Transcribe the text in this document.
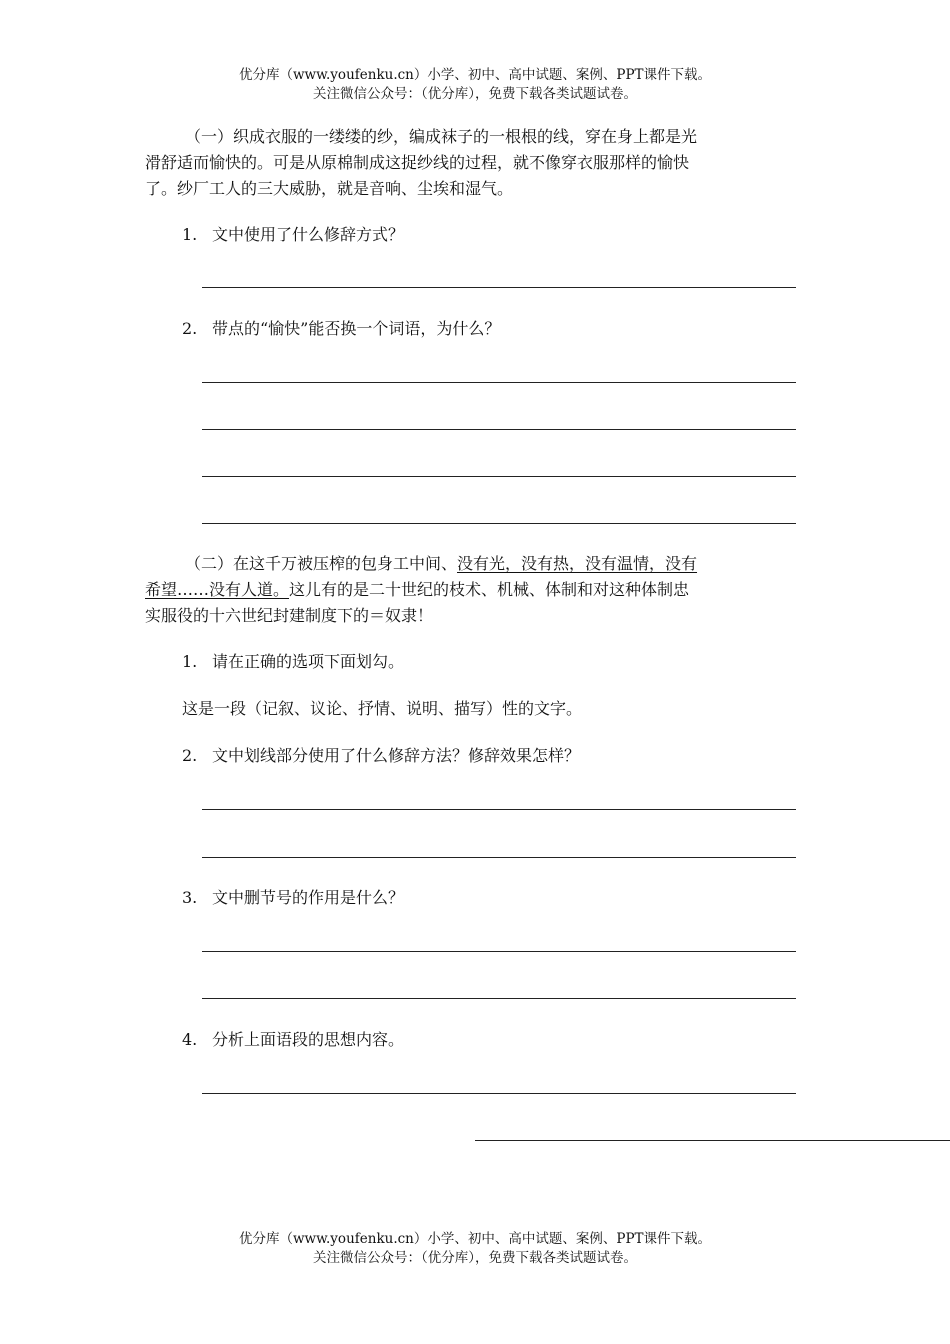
优分库（www.youfenku.cn）小学、初中、高中试题、案例、PPT课件下载。
关注微信公众号：（优分库），免费下载各类试题试卷。
（一）织成衣服的一缕缕的纱，编成袜子的一根根的线，穿在身上都是光
滑舒适而愉快的。可是从原棉制成这捉纱线的过程，就不像穿衣服那样的愉快
了。纱厂工人的三大威胁，就是音响、尘埃和湿气。
1. 文中使用了什么修辞方式？
2. 带点的“愉快”能否换一个词语，为什么？
（二）在这千万被压榨的包身工中间、没有光，没有热，没有温情，没有
希望……没有人道。这儿有的是二十世纪的枝术、机械、体制和对这种体制忠
实服役的十六世纪封建制度下的＝奴隶！
1. 请在正确的选项下面划勾。
这是一段（记叙、议论、抒情、说明、描写）性的文字。
2. 文中划线部分使用了什么修辞方法？修辞效果怎样？
3. 文中删节号的作用是什么？
4. 分析上面语段的思想内容。
优分库（www.youfenku.cn）小学、初中、高中试题、案例、PPT课件下载。
关注微信公众号：（优分库），免费下载各类试题试卷。
